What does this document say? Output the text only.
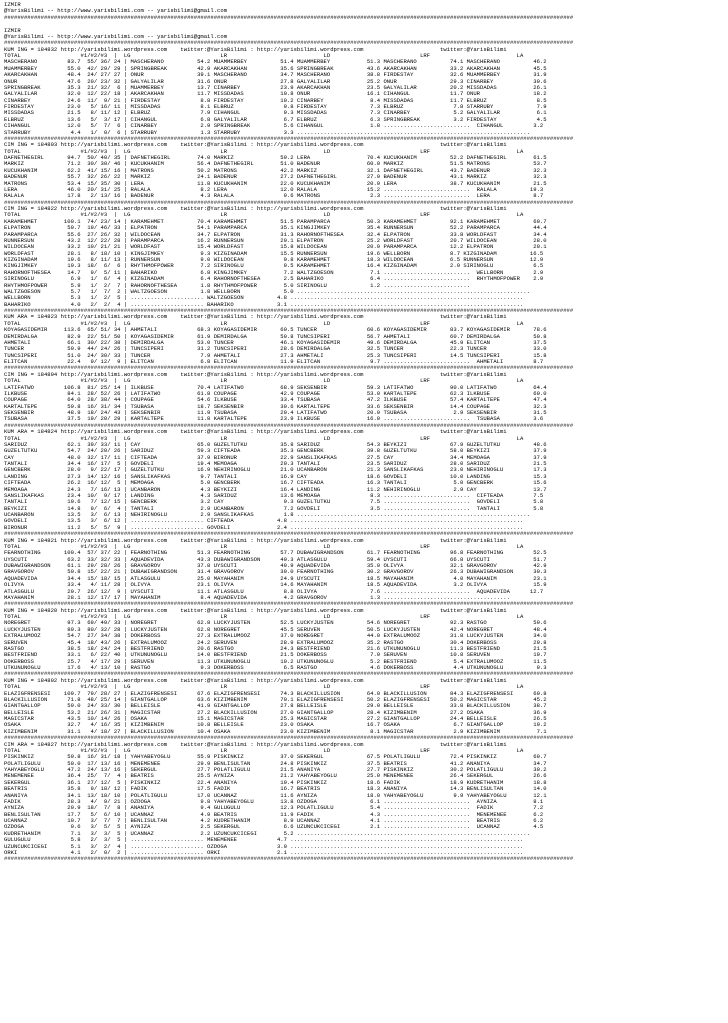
IZMIR
@YarisBilimi -- http://www.yarisbilimi.com -- yarisbilimi@gmail.com
###########################################################################################################################################################################
IZMIR
@YarisBilimi -- http://www.yarisbilimi.com -- yarisbilimi@gmail.com
###########################################################################################################################################################################
KUM ING = 184832 http://yarisbilimi.wordpress.com    twitter:@YarisBilimi : http://yarisbilimi.wordpress.com                       twitter:@YarisBilimi
TOTAL                  #1/#2/#3  |  LG                           LR                             LD                           LRF                          LA
MASCHERANO         83.7  55/ 36/ 24 | MASCHERANO          54.2 MUAMMERBEY          51.4 MUAMMERBEY           51.3 MASCHERANO          74.1 MASCHERANO          46.2
MUAMMERBEY         55.0  42/ 29/ 29 | SPRINGBREAK         42.9 AKARCAKHAN          35.6 SPRINGBREAK          43.6 AKARCAKHAN          33.2 AKARCAKHAN          45.5
AKARCAKHAN         48.4  24/ 27/ 27 | ONUR                39.1 MASCHERANO          34.7 MASCHERANO           38.8 FIRDESTAY           32.6 MUAMMERBEY          31.9
ONUR               47.6  20/ 23/ 32 | GALYALILAR          31.6 ONUR                27.8 GALYALILAR           25.2 ONUR                29.3 CINARBEY            30.6
SPRINGBREAK        35.3  21/ 32/  6 | MUAMMERBEY          13.7 CINARBEY            23.9 AKARCAKHAN           23.5 GALYALILAR          20.2 MISSDADAS           26.1
GALYALILAR         32.0  12/ 22/ 18 | AKARCAKHAN          11.7 MISSDADAS           10.8 ONUR                 16.1 CIHANGUL            11.7 ONUR                18.2
CINARBEY           24.6  11/  9/ 21 | FIRDESTAY            8.8 FIRDESTAY           10.2 CINARBEY              8.4 MISSDADAS           11.7 ELBRUZ               8.5
FIRDESTAY          23.0   5/ 16/ 11 | MISSDADAS            8.1 ELBRUZ               9.8 FIRDESTAY             7.3 ELBRUZ               7.8 STARRUBY             7.9
MISSDADAS          21.5   8/ 11/ 12 | ELBRUZ               7.9 CIHANGUL             9.3 MISSDADAS             7.3 CINARBEY             5.2 GALYALILAR           6.1
ELBRUZ             13.6   5/  3/ 17 | CIHANGUL             6.8 GALYALILAR           6.7 ELBRUZ                6.3 SPRINGBREAK          3.2 FIRDESTAY            4.5
CIHANGUL           12.0   5/  7/  6 | CINARBEY             2.9 SPRINGBREAK          5.6 CIHANGUL              1.8 ..........................  CIHANGUL         3.2
STARRUBY            4.4   1/  0/  6 | STARRUBY             1.3 STARRUBY             3.3 ......................................................................
###########################################################################################################################################################################
CIM ING = 184803 http://yarisbilimi.wordpress.com    twitter:@YarisBilimi : http://yarisbilimi.wordpress.com                       twitter:@YarisBilimi
TOTAL                  #1/#2/#3  |  LG                           LR                             LD                           LRF                          LA
DAFNETHEGIRL       94.7  50/ 40/ 35 | DAFNETHEGIRL        74.0 MARKIZ              59.2 LERA                 70.4 KUCUKHANIM          52.2 DAFNETHEGIRL        61.5
MARKIZ             71.2  30/ 30/ 46 | KUCUKHANIM          56.4 DAFNETHEGIRL        51.0 BADENUR              60.0 MARKIZ              51.5 MATRONS             53.7
KUCUKHANIM         62.2  41/ 15/ 16 | MATRONS             50.2 MATRONS             42.2 MARKIZ               32.1 DAFNETHEGIRL        43.7 BADENUR             32.3
BADENUR            55.7  32/ 26/ 22 | MARKIZ              24.1 BADENUR             27.2 DAFNETHEGIRL         27.9 BADENUR             43.1 MARKIZ              32.3
MATRONS            53.4  15/ 35/ 30 | LERA                11.8 KUCUKHANIM          22.0 KUCUKHANIM           20.9 LERA                38.7 KUCUKHANIM          21.5
LERA               46.0  20/ 31/ 25 | RALALA               8.2 LERA                12.0 RALALA               15.2 ..........................  RALALA          19.3
RALALA             17.8   2/ 13/ 16 | BADENUR              4.3 RALALA               9.6 MATRONS               2.3 ..........................  LERA             8.7
###########################################################################################################################################################################
CIM ING = 184822 http://yarisbilimi.wordpress.com    twitter:@YarisBilimi : http://yarisbilimi.wordpress.com                       twitter:@YarisBilimi
TOTAL                  #1/#2/#3  |  LG                           LR                             LD                           LRF                          LA
KARAMEHMET        100.1  74/ 23/ 14 | KARAMEHMET          70.4 KARAMEHMET          51.5 PARAMPARCA           50.3 KARAMEHMET          92.1 KARAMEHMET          60.7
ELPATRON           59.7  19/ 46/ 33 | ELPATRON            54.1 PARAMPARCA          35.1 KINGJIMKEY           35.4 RUNNERSUN           52.2 PARAMPARCA          44.4
PARAMPARCA         55.6  27/ 26/ 32 | WILDOCEAN           34.7 ELPATRON            31.3 RAHORNOFTHESEA       32.4 ELPATRON            33.8 WORLDFAST           34.4
RUNNERSUN          43.2  12/ 22/ 28 | PARAMPARCA          16.2 RUNNERSUN           29.1 ELPATRON             25.2 WORLDFAST           20.7 WILDOCEAN           28.0
WILDOCEAN          33.2  10/ 21/ 21 | WORLDFAST           15.4 WORLDFAST           15.8 WILDOCEAN            20.9 PARAMPARCA          12.2 ELPATRON            20.1
WORLDFAST          28.1   8/ 18/ 10 | KINGJIMKEY           9.3 KIZGINADAM          15.5 RUNNERSUN            19.6 WELLBORN            8.7 KIZGINADAM          16.5
KIZGINADAM         19.6   8/ 11/ 13 | RUNNERSUN            9.0 WILDOCEAN            9.8 KARAMEHMET           18.3 WILDOCEAN           6.5 RUNNERSUN           12.9
KINGJIMKEY         19.3  18/  6/  6 | RHYTHMOFPOWER        7.2 SIRINOGLU            9.5 KARAMEHMET           16.4 KIZGINADAM          2.9 SIRINOGLU            6.5
RAHORNOFTHESEA     14.7   9/  5/ 11 | BAHARIKO             6.8 KINGJIMKEY           7.2 WALTZGOESON           7.1 ..........................  WELLBORN         2.9
SIRINOGLU           6.9   1/  6/  4 | KIZGINADAM           6.4 RAHORNOFTHESEA       2.5 BAHARIKO              6.4 ..........................  RHYTHMOFPOWER    2.9
RHYTHMOFPOWER       5.9   1/  2/  7 | RAHORNOFTHESEA       1.8 RHYTHMOFPOWER        5.0 SIRINOGLU             1.2 ..........................
WALTZGOESON         5.7   1/  7/  2 | WALTZGOESON          1.8 WELLBORN             5.0 ......................................................................
WELLBORN            5.3   1/  2/  5 | ...................... WALTZGOESON          4.8 ......................................................................
BAHARIKO            4.0   2/  2/  4 | ...................... BAHARIKO             3.1 ......................................................................
###########################################################################################################################################################################
KUM ARA = 184823 http://yarisbilimi.wordpress.com    twitter:@YarisBilimi : http://yarisbilimi.wordpress.com                       twitter:@YarisBilimi
TOTAL                  #1/#2/#3  |  LG                           LR                             LD                           LRF                          LA
KOYAGASIDEMIR     113.6  65/ 51/ 34 | AHMETALI            68.3 KOYAGASIDEMIR       60.5 TUNCER               60.6 KOYAGASIDEMIR       83.7 KOYAGASIDEMIR       78.6
DEMIRDALGA         82.9  22/ 51/ 50 | KOYAGASIDEMIR       61.9 DEMIRDALGA          50.8 TUNCSIPERI           56.7 AHMETALI            60.7 DEMIRDALGA          50.8
AHMETALI           66.1  30/ 22/ 38 | DEMIRDALGA          53.0 TUNCER              46.1 KOYAGASIDEMIR        49.6 DEMIRDALGA          45.9 ELITCAN             37.5
TUNCER             59.9  44/ 24/ 26 | TUNCSIPERI          31.2 TUNCSIPERI          28.6 DEMIRDALGA           32.5 TUNCER              22.3 TUNCER              33.0
TUNCSIPERI         51.0  24/ 30/ 33 | TUNCER               7.9 AHMETALI            27.3 AHMETALI             25.3 TUNCSIPERI          14.5 TUNCSIPERI          15.8
ELITCAN            22.4   9/ 12/  9 | ELITCAN              6.8 ELITCAN             11.9 ELITCAN               9.7 ..........................  AHMETALI         8.7
###########################################################################################################################################################################
CIM ING = 184804 http://yarisbilimi.wordpress.com    twitter:@YarisBilimi : http://yarisbilimi.wordpress.com                       twitter:@YarisBilimi
TOTAL                  #1/#2/#3  |  LG                           LR                             LD                           LRF                          LA
LATIFATWO         106.8  81/ 25/ 14 | ILKBUSE             70.4 LATIFATWO           68.9 SEKSENBIR            59.3 LATIFATWO           90.0 LATIFATWO           64.4
ILKBUSE            84.1  28/ 52/ 26 | LATIFATWO           61.8 COUPAGE             42.9 COUPAGE              53.0 KARTALTEPE          62.3 ILKBUSE             60.0
COUPAGE            64.0  28/ 38/ 44 | COUPAGE             54.6 ILKBUSE             33.4 TSUBASA              47.2 ILKBUSE             57.4 KARTALTEPE          47.4
KARTALTEPE         59.8  16/ 31/ 34 | TSUBASA             18.7 SEKSENBIR           30.6 KARTALTEPE           33.6 SEKSENBIR           14.4 COUPAGE             32.3
SEKSENBIR          48.9  18/ 24/ 43 | SEKSENBIR           11.9 TSUBASA             29.4 LATIFATWO            20.0 TSUBASA              2.9 SEKSENBIR           31.5
TSUBASA            37.5  19/ 20/ 29 | KARTALTEPE          11.8 KARTALTEPE          23.9 ILKBUSE              16.0 ..........................  TSUBASA          3.6
###########################################################################################################################################################################
KUM ARA = 184824 http://yarisbilimi.wordpress.com    twitter:@YarisBilimi : http://yarisbilimi.wordpress.com                       twitter:@YarisBilimi
TOTAL                  #1/#2/#3  |  LG                           LR                             LD                           LRF                          LA
SARIDUZ            62.1  39/ 33/ 11 | CAY                 65.0 GUZELTUTKU          35.8 SARIDUZ              54.3 BEYKIZI             67.9 GUZELTUTKU          48.6
GUZELTUTKU         54.7  24/ 20/ 26 | SARIDUZ             59.3 CIFTEADA            35.3 GENCBERK             39.8 GUZELTUTKU          58.0 BEYKIZI             37.9
CAY                48.0  32/ 17/ 11 | CIFTEADA            37.9 BIRONUR             22.9 SANSLIKAFKAS         27.5 CAY                 34.4 MEMOAGA             37.9
TANTALI            34.4  16/ 17/  5 | GOVDELI             19.4 MEMOAGA             20.3 TANTALI              23.5 SARIDUZ             28.0 SARIDUZ             21.5
GENCBERK           28.0   9/ 22/ 17 | GUZELTUTKU          16.9 NEHIRINOGLU         21.0 UCANBARON            21.3 SANSLIKAFKAS        23.0 NEHIRINOGLU         17.3
LANDING            27.3  14/ 12/ 16 | SANSLIKAFKAS         9.7 TANTALI             16.9 CAY                  18.6 GOVDELI             10.0 LANDING             15.3
CIFTEADA           26.2  16/ 12/  5 | MEMOAGA              5.0 GENCBERK            16.7 CIFTEADA             16.3 TANTALI              5.0 GENCBERK            15.6
MEMOAGA            24.3   7/ 16/ 13 | UCANBARON            4.3 BEYKIZI             16.4 LANDING              11.2 NEHIRINOGLU          2.9 CAY                 13.7
SANSLIKAFKAS       23.4  10/  9/ 17 | LANDING              4.3 SARIDUZ             13.6 MEMOAGA               8.3 ..........................  CIFTEADA         7.5
TANTALI            19.6   7/ 12/ 15 | GENCBERK             3.2 CAY                  9.3 GUZELTUTKU            7.5 ..........................  GOVDELI          5.8
BEYKIZI            14.8   9/  6/  4 | TANTALI              2.9 UCANBARON            7.2 GOVDELI               3.5 ..........................  TANTALI          5.8
UCANBARON          13.5   3/  6/ 13 | NEHIRINOGLU          2.9 SANSLIKAFKAS         1.8 ......................................................................
GOVDELI            13.5   3/  6/ 12 | ...................... CIFTEADA             4.8 ......................................................................
BIRONUR            11.2   5/  5/  9 | ...................... GOVDELI              2.4 ......................................................................
###########################################################################################################################################################################
KUM ING = 184821 http://yarisbilimi.wordpress.com    twitter:@YarisBilimi : http://yarisbilimi.wordpress.com                       twitter:@YarisBilimi
TOTAL                  #1/#2/#3  |  LG                           LR                             LD                           LRF                          LA
FEARNOTHING       100.4  57/ 37/ 22 | FEARNOTHING         51.3 FEARNOTHING         57.7 DUBAWIGRANDSON       61.7 FEARNOTHING         96.8 FEARNOTHING         52.5
UYSCUTI            63.2  33/ 32/ 33 | AQUADEVIDA          43.3 DUBAWIGRANDSON      49.3 ATLASGULU            59.4 UYSCUTI             66.8 UYSCUTI             51.7
DUBAWIGRANDSON     61.1  29/ 28/ 26 | GRAVGOROV           37.8 UYSCUTI             40.9 AQUADEVIDA           35.0 OLIVYA              32.1 GRAVGOROV           42.9
GRAVGOROV          50.8  15/ 22/ 21 | DUBAWIGRANDSON      31.4 GRAVGOROV           30.0 FEARNOTHING          30.2 GRAVGOROV           26.3 DUBAWIGRANDSON      30.3
AQUADEVIDA         34.4  15/ 18/ 15 | ATLASGULU           25.0 MAYAHANIM           24.9 UYSCUTI              18.5 MAYAHANIM            4.0 MAYAHANIM           23.1
OLIVYA             33.4   4/ 11/ 28 | OLIVYA              23.1 OLIVYA              14.6 MAYAHANIM            18.5 AQUADEVIDA           3.2 OLIVYA              15.9
ATLASGULU          29.7  26/ 12/  9 | UYSCUTI             11.1 ATLASGULU            8.8 OLIVYA                7.6 ..........................  AQUADEVIDA      12.7
MAYAHANIM          28.1  12/ 17/ 17 | MAYAHANIM            8.4 AQUADEVIDA           4.2 GRAVGOROV             1.3 ......................................
###########################################################################################################################################################################
KUM ING = 184820 http://yarisbilimi.wordpress.com    twitter:@YarisBilimi : http://yarisbilimi.wordpress.com                       twitter:@YarisBilimi
TOTAL                  #1/#2/#3  |  LG                           LR                             LD                           LRF                          LA
NOREGRET           97.3  69/ 49/ 33 | NOREGRET            62.8 LUCKYJUSTEN         52.5 LUCKYJUSTEN          54.6 NOREGRET            92.3 RASTGO              59.6
LUCKYJUSTEN        89.3  80/ 32/ 28 | LUCKYJUSTEN         62.8 NOREGRET            45.5 SERUVEN              50.5 LUCKYJUSTEN         42.4 NOREGRET            48.4
EXTRALUMOOZ        54.7  27/ 34/ 38 | DOKERBOSS           27.3 EXTRALUMOOZ         37.0 NOREGRET             44.0 EXTRALUMOOZ         31.8 LUCKYJUSTEN         34.0
SERUVEN            45.4  18/ 43/ 26 | EXTRALUMOOZ         24.2 SERUVEN             28.9 EXTRALUMOOZ          35.2 RASTGO              30.4 DOKERBOSS           29.8
RASTGO             38.5  18/ 24/ 24 | BESTFRIEND          20.6 RASTGO              24.3 BESTFRIEND           21.6 UTKUNUNOGLU         11.3 BESTFRIEND          21.5
BESTFRIEND         33.1   6/ 22/ 40 | UTKUNUNOGLU         14.0 BESTFRIEND          21.5 DOKERBOSS             7.9 SERUVEN             10.8 SERUVEN             19.7
DOKERBOSS          25.7   4/ 17/ 29 | SERUVEN             11.3 UTKUNUNOGLU         10.2 UTKUNUNOGLU           5.2 BESTFRIEND           5.4 EXTRALUMOOZ         11.5
UTKUNUNOGLU        17.6   4/ 13/ 10 | RASTGO               9.3 DOKERBOSS            6.5 RASTGO                4.6 DOKERBOSS            4.4 UTKUNUNOGLU          9.3
###########################################################################################################################################################################
KUM ING = 184802 http://yarisbilimi.wordpress.com    twitter:@YarisBilimi : http://yarisbilimi.wordpress.com                       twitter:@YarisBilimi
TOTAL                  #1/#2/#3  |  LG                           LR                             LD                           LRF                          LA
ELAZIGFRENSESI    109.7  79/ 28/ 27 | ELAZIGFRENSESI      67.6 ELAZIGFRENSESI      74.3 BLACKILLUSION        64.0 BLACKILLUSION       84.3 ELAZIGFRENSESI      60.8
BLACKILLUSION      71.8  48/ 25/ 14 | GIANTGALLOP         63.6 KIZIMBENIM          70.1 ELAZIGFRENSESI       50.2 ELAZIGFRENSESI      50.2 MAGICSTAR           45.2
GIANTGALLOP        59.0  24/ 33/ 30 | BELLEISLE           41.9 GIANTGALLOP         27.8 BELLEISLE            29.0 BELLEISLE           33.8 BLACKILLUSION       38.7
BELLEISLE          53.2  21/ 26/ 31 | MAGICSTAR           27.2 BLACKILLUSION       27.0 GIANTGALLOP          28.4 KIZIMBENIM          27.2 OSAKA               36.9
MAGICSTAR          43.5  10/ 14/ 26 | OSAKA               15.1 MAGICSTAR           25.3 MAGICSTAR            27.2 GIANTGALLOP         24.4 BELLEISLE           26.5
OSAKA              32.7   4/ 16/ 35 | KIZIMBENIM          10.8 BELLEISLE           23.0 OSAKA                16.7 OSAKA                6.7 GIANTGALLOP         19.2
KIZIMBENIM         31.1   4/ 18/ 27 | BLACKILLUSION       10.4 OSAKA               23.0 KIZIMBENIM            8.1 MAGICSTAR            2.9 KIZIMBENIM           7.1
###########################################################################################################################################################################
CIM ARA = 184827 http://yarisbilimi.wordpress.com    twitter:@YarisBilimi : http://yarisbilimi.wordpress.com                       twitter:@YarisBilimi
TOTAL                  #1/#2/#3  |  LG                           LR                             LD                           LRF                          LA
PISKINKIZ          59.8  16/ 31/ 18 | YAHYABEYOGLU        55.9 PISKINKIZ           37.0 SEKERGUL             67.5 POLATLIGULU         72.4 PISKINKIZ           60.7
POLATLIGULU        50.0  17/ 13/ 16 | MENEMENEE           29.9 BENLISULTAN         24.8 PISKINKIZ            37.5 BEATRIS             41.2 ANANIYA             34.7
YAHYABEYOGLU       47.2  24/ 13/ 16 | SEKERGUL            27.7 POLATLIGULU         21.5 ANANIYA              27.7 PISKINKIZ           30.2 POLATLIGULU         30.2
MENEMENEE          36.4  25/  7/  4 | BEATRIS             25.5 AYNIZA              21.2 YAHYABEYOGLU         25.0 MENEMENEE           26.4 SEKERGUL            26.6
SEKERGUL           36.1  27/ 12/  5 | PISKINKIZ           22.4 ANANIYA             19.4 PISKINKIZ            18.6 FADIK               18.9 KUDRETHANIM         18.8
BEATRIS            35.8   9/ 18/ 12 | FADIK               17.5 FADIK               16.7 BEATRIS              18.3 ANANIYA             14.3 BENLISULTAN         14.0
ANANIYA            34.1  13/ 18/ 10 | POLATLIGULU         17.0 UCANNAZ             11.6 AYNIZA               18.0 YAHYABEYOGLU         9.9 YAHYABEYOGLU        12.1
FADIK              28.3   4/  9/ 21 | OZDOGA               9.8 YAHYABEYOGLU        13.8 OZDOGA                6.1 ..........................  AYNIZA           8.1
AYNIZA             20.9  18/  7/  8 | ANANIYA              9.4 GULUGULU            12.3 POLATLIGULU           5.4 ..........................  FADIK            7.2
BENLISULTAN        17.7   5/  6/ 10 | UCANNAZ              4.9 BEATRIS             11.9 FADIK                 4.3 ..........................  MENEMENEE        6.2
UCANNAZ            10.7   3/  7/  7 | BENLISULTAN          4.2 KUDRETHANIM          8.9 UCANNAZ               4.1 ..........................  BEATRIS          6.2
OZDOGA              9.6   3/  5/  5 | AYNIZA               2.5 SEKERGUL             6.6 UZUNCUKCICEGI         2.1 ..........................  UCANNAZ          4.5
KUDRETHANIM         7.1   3/  3/  5 | UCANNAZ              2.2 UZUNCUKCICEGI        5.2 ......................................................................
GULUGULU            5.8   2/  3/  5 | ...................... MENEMENEE            4.7 ......................................................................
UZUNCUKCICEGI       5.1   3/  2/  4 | ...................... OZDOGA               3.0 ......................................................................
ORKI                4.1   2/  0/  2 | ...................... ORKI                 2.1 ......................................................................
###########################################################################################################################################################################
